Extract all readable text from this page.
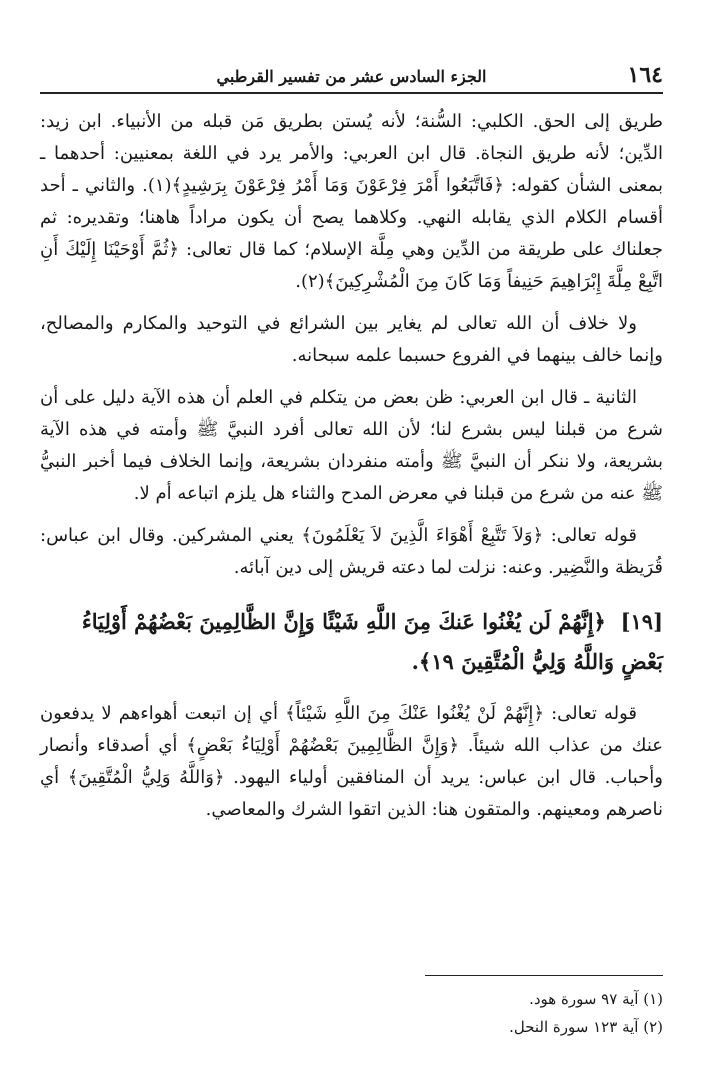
١٦٤
الجزء السادس عشر من تفسير القرطبي

طريق إلى الحق. الكلبي: السُّنة؛ لأنه يُستن بطريق مَن قبله من الأنبياء. ابن زيد: الدِّين؛ لأنه طريق النجاة. قال ابن العربي: والأمر يرد في اللغة بمعنيين: أحدهما ـ بمعنى الشأن كقوله: ﴿فَاتَّبَعُوا أَمْرَ فِرْعَوْنَ وَمَا أَمْرُ فِرْعَوْنَ بِرَشِيدٍ﴾(١). والثاني ـ أحد أقسام الكلام الذي يقابله النهي. وكلاهما يصح أن يكون مراداً هاهنا؛ وتقديره: ثم جعلناك على طريقة من الدِّين وهي مِلَّة الإسلام؛ كما قال تعالى: ﴿ثُمَّ أَوْحَيْنَا إِلَيْكَ أَنِ اتَّبِعْ مِلَّةَ إِبْرَاهِيمَ حَنِيفاً وَمَا كَانَ مِنَ الْمُشْرِكِينَ﴾(٢).

ولا خلاف أن الله تعالى لم يغاير بين الشرائع في التوحيد والمكارم والمصالح، وإنما خالف بينهما في الفروع حسبما علمه سبحانه.

الثانية ـ قال ابن العربي: ظن بعض من يتكلم في العلم أن هذه الآية دليل على أن شرع من قبلنا ليس بشرع لنا؛ لأن الله تعالى أفرد النبيَّ ﷺ وأمته في هذه الآية بشريعة، ولا ننكر أن النبيَّ ﷺ وأمته منفردان بشريعة، وإنما الخلاف فيما أخبر النبيُّ ﷺ عنه من شرع من قبلنا في معرض المدح والثناء هل يلزم اتباعه أم لا.

قوله تعالى: ﴿وَلاَ تَتَّبِعْ أَهْوَاءَ الَّذِينَ لاَ يَعْلَمُونَ﴾ يعني المشركين. وقال ابن عباس: قُرَيظة والنَّضِير. وعنه: نزلت لما دعته قريش إلى دين آبائه.

[١٩] ﴿إِنَّهُمْ لَن يُغْنُوا عَنكَ مِنَ اللَّهِ شَيْئًا وَإِنَّ الظَّالِمِينَ بَعْضُهُمْ أَوْلِيَاءُ بَعْضٍ وَاللَّهُ وَلِيُّ الْمُتَّقِينَ ١٩﴾.

قوله تعالى: ﴿إِنَّهُمْ لَنْ يُغْنُوا عَنْكَ مِنَ اللَّهِ شَيْئاً﴾ أي إن اتبعت أهواءهم لا يدفعون عنك من عذاب الله شيئاً. ﴿وَإِنَّ الظَّالِمِينَ بَعْضُهُمْ أَوْلِيَاءُ بَعْضٍ﴾ أي أصدقاء وأنصار وأحباب. قال ابن عباس: يريد أن المنافقين أولياء اليهود. ﴿وَاللَّهُ وَلِيُّ الْمُتَّقِينَ﴾ أي ناصرهم ومعينهم. والمتقون هنا: الذين اتقوا الشرك والمعاصي.

(١) آية ٩٧ سورة هود.

(٢) آية ١٢٣ سورة النحل.
